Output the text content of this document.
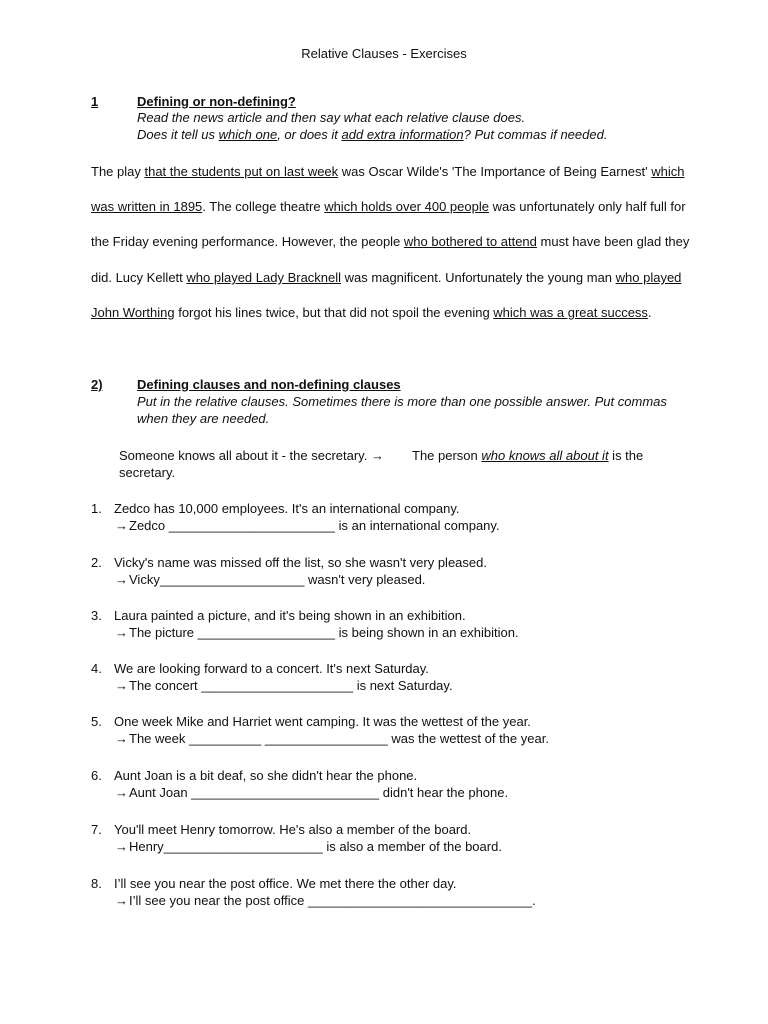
Relative Clauses - Exercises
1	Defining or non-defining?
Read the news article and then say what each relative clause does.
Does it tell us which one, or does it add extra information? Put commas if needed.
The play that the students put on last week was Oscar Wilde's 'The Importance of Being Earnest' which
was written in 1895. The college theatre which holds over 400 people was unfortunately only half full for
the Friday evening performance. However, the people who bothered to attend must have been glad they
did. Lucy Kellett who played Lady Bracknell was magnificent. Unfortunately the young man who played
John Worthing forgot his lines twice, but that did not spoil the evening which was a great success.
2)	Defining clauses and non-defining clauses
Put in the relative clauses. Sometimes there is more than one possible answer. Put commas
when they are needed.
Someone knows all about it - the secretary. → The person who knows all about it is the
secretary.
1. Zedco has 10,000 employees. It's an international company.
→Zedco _______________________ is an international company.
2. Vicky's name was missed off the list, so she wasn't very pleased.
→Vicky____________________ wasn't very pleased.
3. Laura painted a picture, and it's being shown in an exhibition.
→The picture ___________________ is being shown in an exhibition.
4. We are looking forward to a concert. It's next Saturday.
→The concert _____________________ is next Saturday.
5. One week Mike and Harriet went camping. It was the wettest of the year.
→The week __________ _________________ was the wettest of the year.
6. Aunt Joan is a bit deaf, so she didn't hear the phone.
→Aunt Joan __________________________ didn't hear the phone.
7. You'll meet Henry tomorrow. He's also a member of the board.
→Henry______________________ is also a member of the board.
8. I’ll see you near the post office. We met there the other day.
→I’ll see you near the post office _______________________________.
